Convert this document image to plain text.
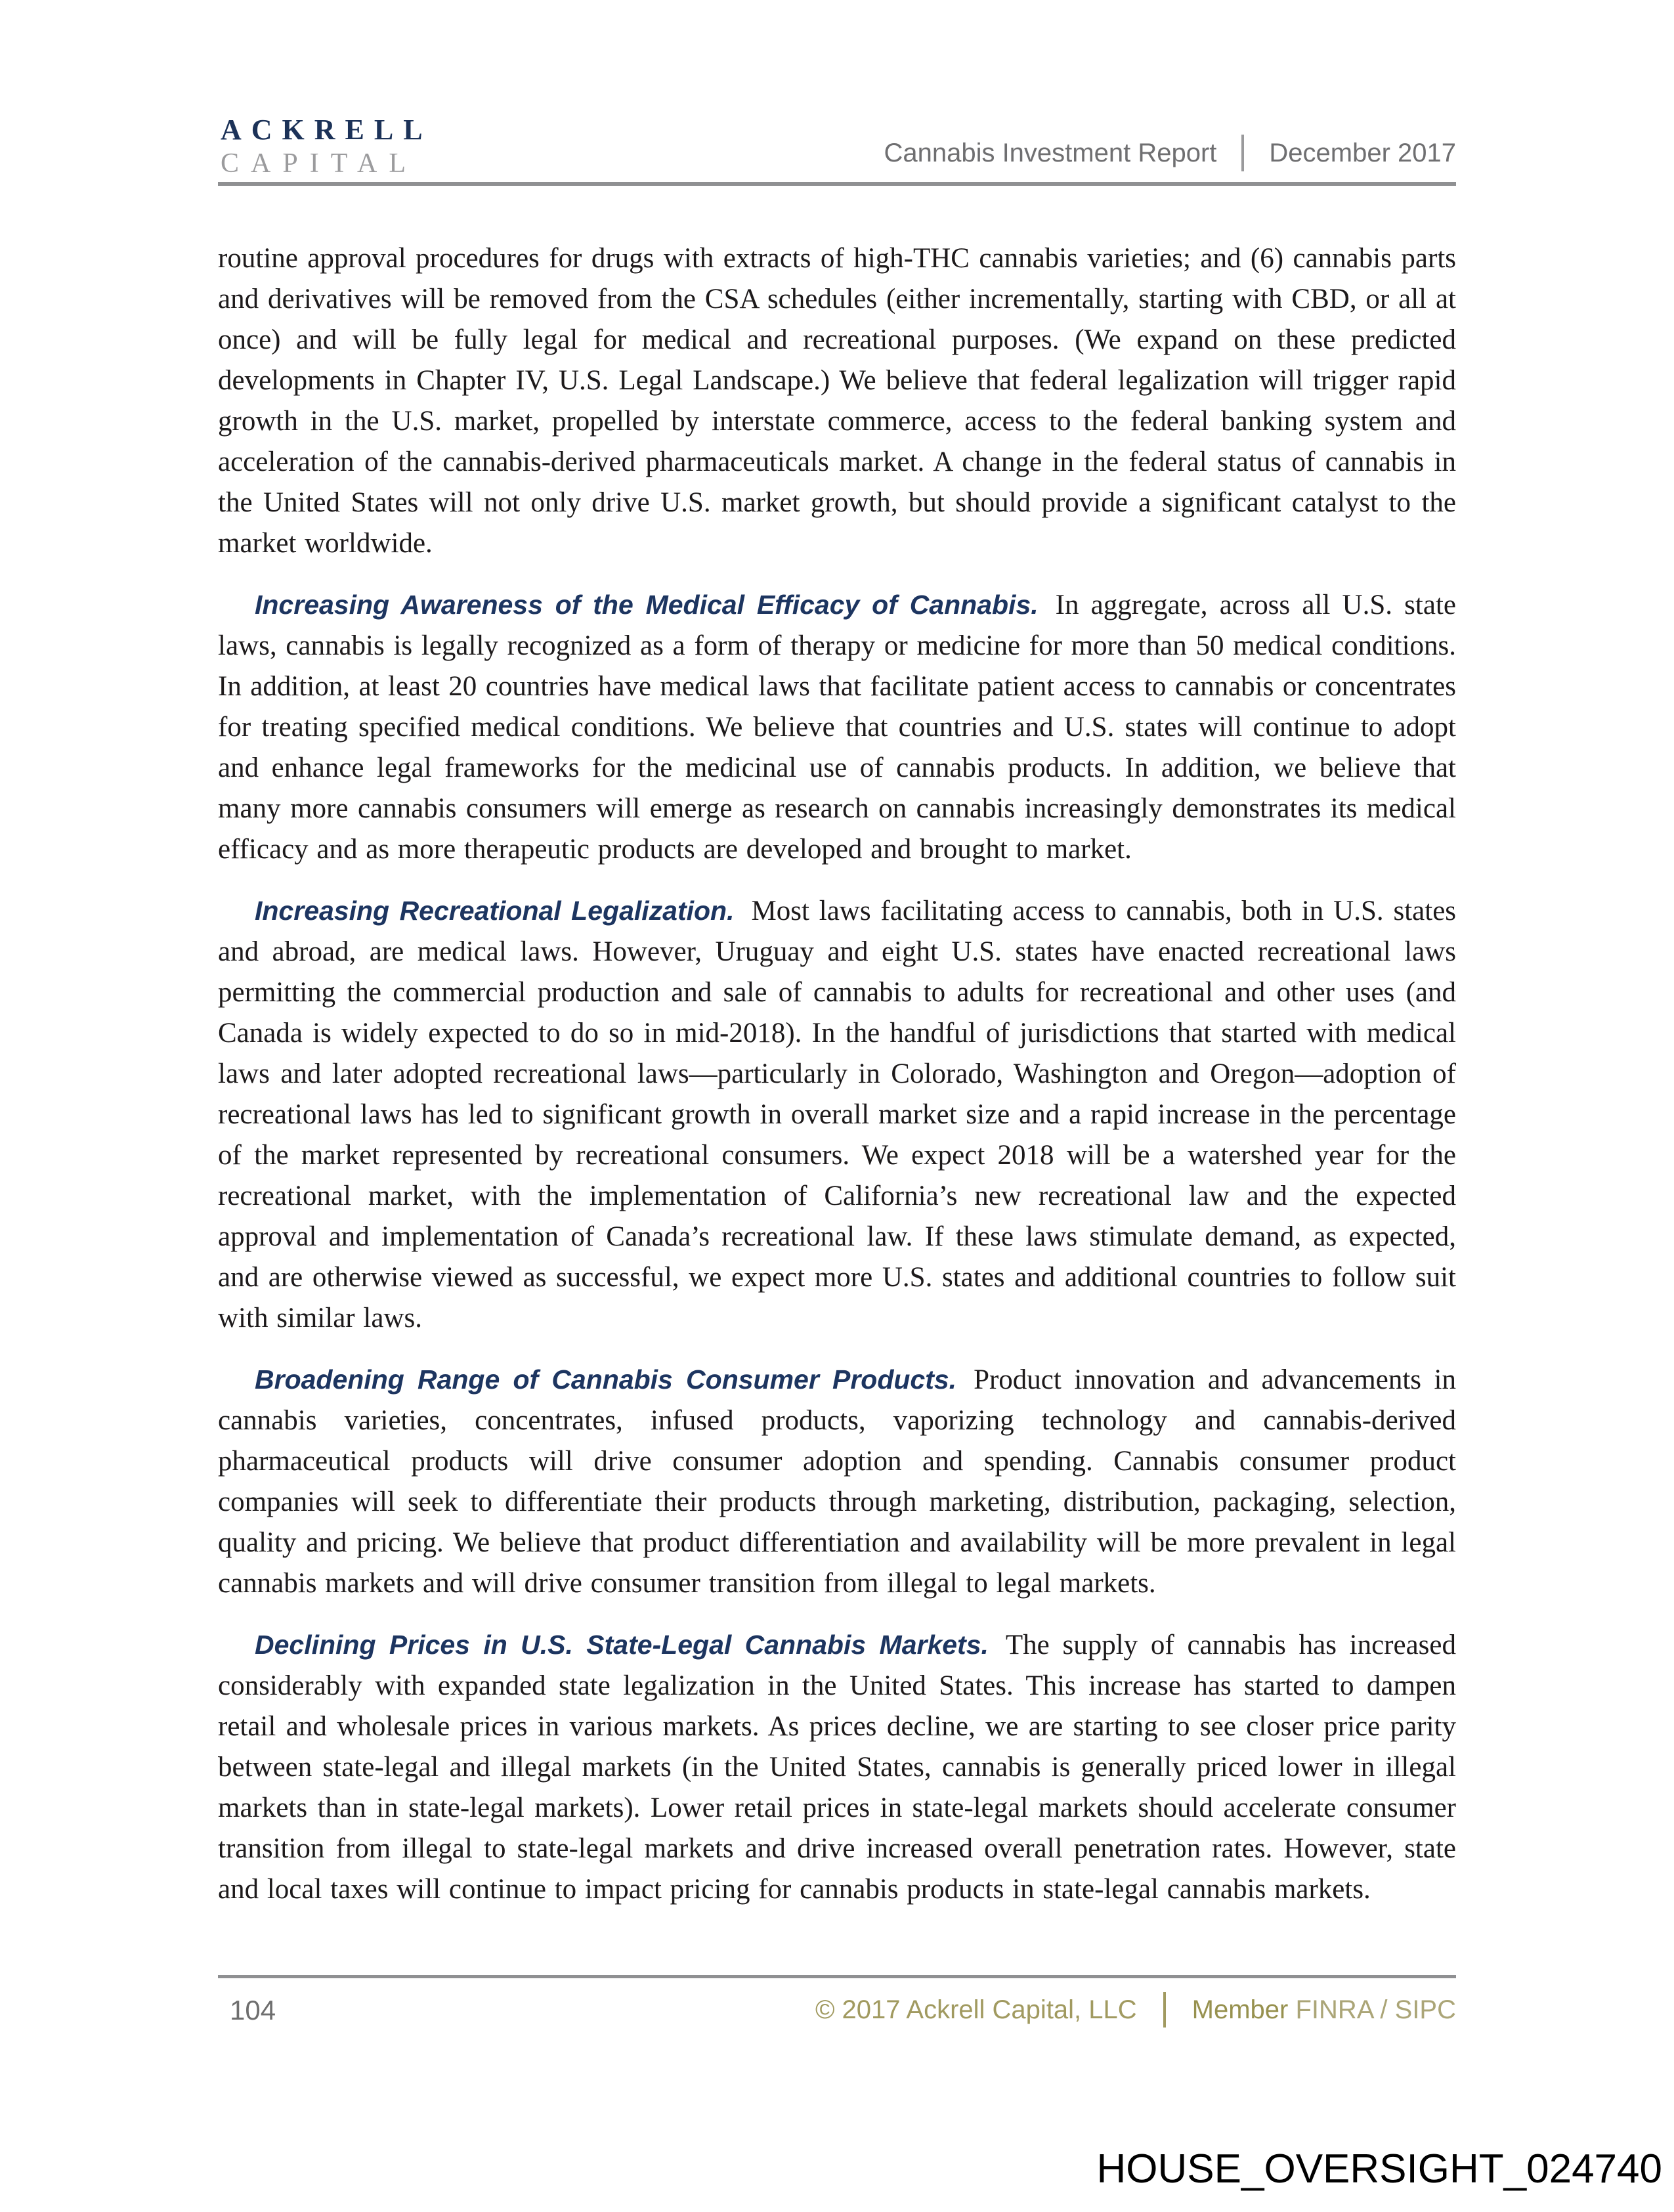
ACKRELL
CAPITAL	Cannabis Investment Report December 2017

routine approval procedures for drugs with extracts of high-THC cannabis varieties; and (6) cannabis parts and derivatives will be removed from the CSA schedules (either incrementally, starting with CBD, or all at once) and will be fully legal for medical and recreational purposes. (We expand on these predicted developments in Chapter IV, U.S. Legal Landscape.) We believe that federal legalization will trigger rapid growth in the U.S. market, propelled by interstate commerce, access to the federal banking system and acceleration of the cannabis-derived pharmaceuticals market. A change in the federal status of cannabis in the United States will not only drive U.S. market growth, but should provide a significant catalyst to the market worldwide.

Increasing Awareness of the Medical Efficacy of Cannabis. In aggregate, across all U.S. state laws, cannabis is legally recognized as a form of therapy or medicine for more than 50 medical conditions. In addition, at least 20 countries have medical laws that facilitate patient access to cannabis or concentrates for treating specified medical conditions. We believe that countries and U.S. states will continue to adopt and enhance legal frameworks for the medicinal use of cannabis products. In addition, we believe that many more cannabis consumers will emerge as research on cannabis increasingly demonstrates its medical efficacy and as more therapeutic products are developed and brought to market.

Increasing Recreational Legalization. Most laws facilitating access to cannabis, both in U.S. states and abroad, are medical laws. However, Uruguay and eight U.S. states have enacted recreational laws permitting the commercial production and sale of cannabis to adults for recreational and other uses (and Canada is widely expected to do so in mid-2018). In the handful of jurisdictions that started with medical laws and later adopted recreational laws—particularly in Colorado, Washington and Oregon—adoption of recreational laws has led to significant growth in overall market size and a rapid increase in the percentage of the market represented by recreational consumers. We expect 2018 will be a watershed year for the recreational market, with the implementation of California’s new recreational law and the expected approval and implementation of Canada’s recreational law. If these laws stimulate demand, as expected, and are otherwise viewed as successful, we expect more U.S. states and additional countries to follow suit with similar laws.

Broadening Range of Cannabis Consumer Products. Product innovation and advancements in cannabis varieties, concentrates, infused products, vaporizing technology and cannabis-derived pharmaceutical products will drive consumer adoption and spending. Cannabis consumer product companies will seek to differentiate their products through marketing, distribution, packaging, selection, quality and pricing. We believe that product differentiation and availability will be more prevalent in legal cannabis markets and will drive consumer transition from illegal to legal markets.

Declining Prices in U.S. State-Legal Cannabis Markets. The supply of cannabis has increased considerably with expanded state legalization in the United States. This increase has started to dampen retail and wholesale prices in various markets. As prices decline, we are starting to see closer price parity between state-legal and illegal markets (in the United States, cannabis is generally priced lower in illegal markets than in state-legal markets). Lower retail prices in state-legal markets should accelerate consumer transition from illegal to state-legal markets and drive increased overall penetration rates. However, state and local taxes will continue to impact pricing for cannabis products in state-legal cannabis markets.

104	© 2017 Ackrell Capital, LLC Member FINRA / SIPC
HOUSE_OVERSIGHT_024740
